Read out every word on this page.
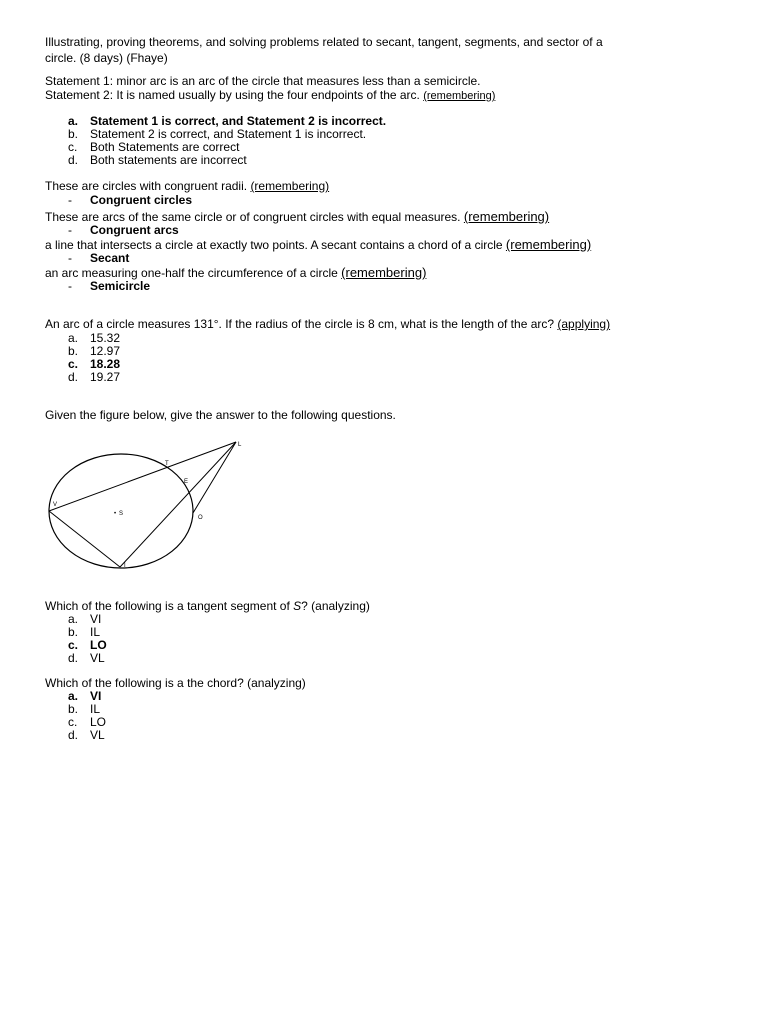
Illustrating, proving theorems, and solving problems related to secant, tangent, segments, and sector of a
circle. (8 days) (Fhaye)
Statement 1: minor arc is an arc of the circle that measures less than a semicircle.
Statement 2: It is named usually by using the four endpoints of the arc. (remembering)
a. Statement 1 is correct, and Statement 2 is incorrect.
b. Statement 2 is correct, and Statement 1 is incorrect.
c.	Both Statements are correct
d. Both statements are incorrect
These are circles with congruent radii. (remembering)
- Congruent circles
These are arcs of the same circle or of congruent circles with equal measures. (remembering)
- Congruent arcs
a line that intersects a circle at exactly two points. A secant contains a chord of a circle (remembering)
- Secant
an arc measuring one-half the circumference of a circle (remembering)
- Semicircle
An arc of a circle measures 131°. If the radius of the circle is 8 cm, what is the length of the arc? (applying)
a. 15.32
b. 12.97
c. 18.28
d. 19.27
Given the figure below, give the answer to the following questions.
L
T
E
V
• S
O
I
Which of the following is a tangent segment of S? (analyzing)
a. VI
b. IL
c. LO
d. VL
Which of the following is a the chord? (analyzing)
a. VI
b. IL
c.	LO
d. VL
